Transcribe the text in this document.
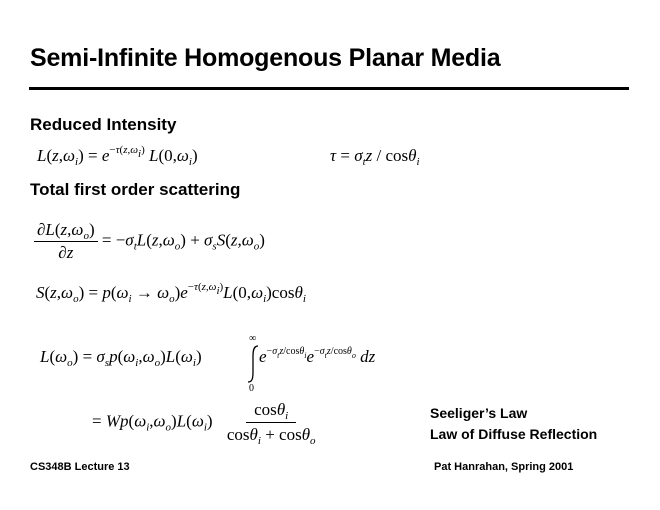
Semi-Infinite Homogenous Planar Media
Reduced Intensity
$L(z,\omega_i) = e^{-\tau(z,\omega_i)}$ $L(0,\omega_i)$	$\tau = \sigma_tz / \cos\theta_i$
Total first order scattering
$\frac{\partial L(z,\omega_o)}{\partial z} = -\sigma_tL(z,\omega_o) + \sigma_sS(z,\omega_o)$
$S(z,\omega_o) = p(\omega_i \to \omega_o)e^{-\tau(z,\omega_i)}L(0,\omega_i)\cos\theta_i$
$L(\omega_o) = \sigma_sp(\omega_i,\omega_o)L(\omega_i)$
∞
0
$e^{-\sigma_tz/cos\theta_i}e^{-\sigma_tz/cos\theta_o}$ dz
= $Wp(\omega_i,\omega_o)L(\omega_i) \frac{\cos\theta_i}{\cos\theta_i + \cos\theta_o}$	Seeliger’s Law
Law of Diffuse Reflection
CS348B Lecture 13	Pat Hanrahan, Spring 2001
